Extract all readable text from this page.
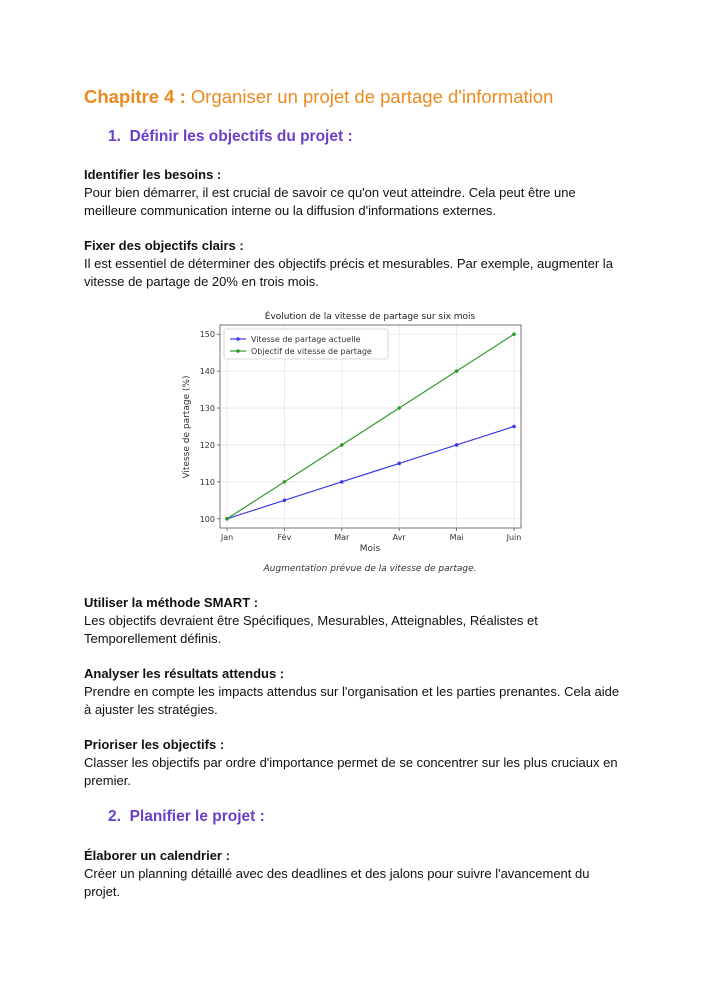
Chapitre 4 : Organiser un projet de partage d'information
1. Définir les objectifs du projet :
Identifier les besoins :
Pour bien démarrer, il est crucial de savoir ce qu'on veut atteindre. Cela peut être une meilleure communication interne ou la diffusion d'informations externes.
Fixer des objectifs clairs :
Il est essentiel de déterminer des objectifs précis et mesurables. Par exemple, augmenter la vitesse de partage de 20% en trois mois.
Évolution de la vitesse de partage sur six mois
100
110
120
130
140
150
Jan	Fév	Mar	Avr	Mai	Juin
Mois
Vitesse de partage (%)
Vitesse de partage actuelle
Objectif de vitesse de partage
Augmentation prévue de la vitesse de partage.
Utiliser la méthode SMART :
Les objectifs devraient être Spécifiques, Mesurables, Atteignables, Réalistes et Temporellement définis.
Analyser les résultats attendus :
Prendre en compte les impacts attendus sur l'organisation et les parties prenantes. Cela aide à ajuster les stratégies.
Prioriser les objectifs :
Classer les objectifs par ordre d'importance permet de se concentrer sur les plus cruciaux en premier.
2. Planifier le projet :
Élaborer un calendrier :
Créer un planning détaillé avec des deadlines et des jalons pour suivre l'avancement du projet.
